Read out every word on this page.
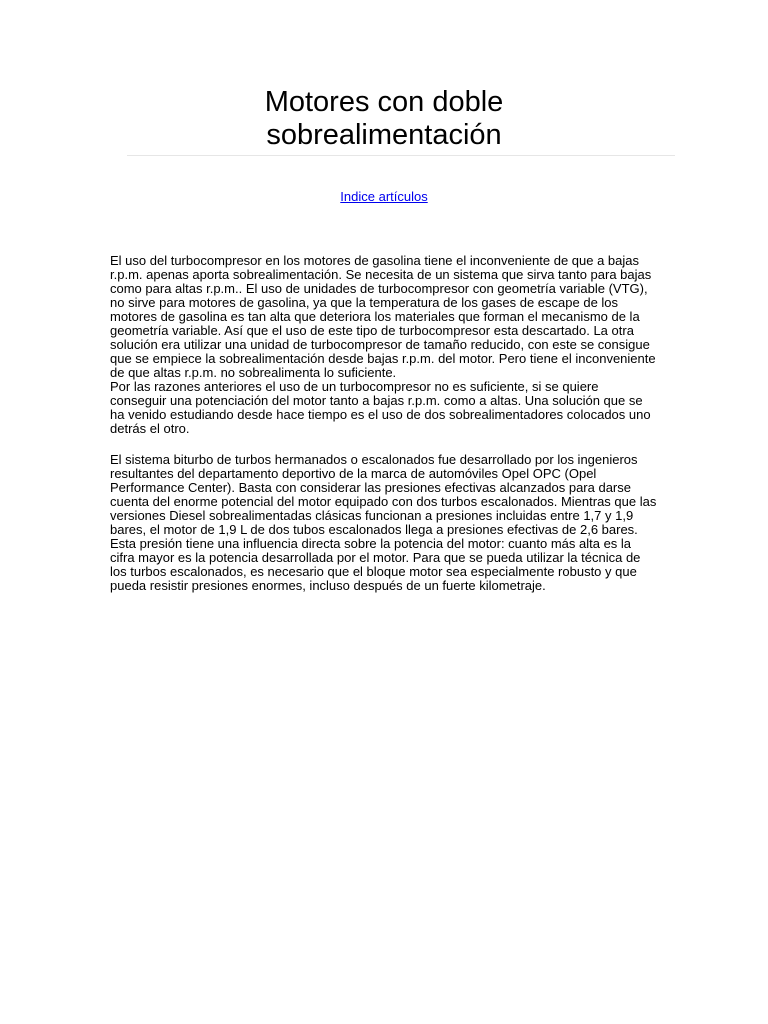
Motores con doble
sobrealimentación
Indice artículos

El uso del turbocompresor en los motores de gasolina tiene el inconveniente de que a bajas r.p.m. apenas aporta sobrealimentación. Se necesita de un sistema que sirva tanto para bajas como para altas r.p.m.. El uso de unidades de turbocompresor con geometría variable (VTG), no sirve para motores de gasolina, ya que la temperatura de los gases de escape de los motores de gasolina es tan alta que deteriora los materiales que forman el mecanismo de la geometría variable. Así que el uso de este tipo de turbocompresor esta descartado. La otra solución era utilizar una unidad de turbocompresor de tamaño reducido, con este se consigue que se empiece la sobrealimentación desde bajas r.p.m. del motor. Pero tiene el inconveniente de que altas r.p.m. no sobrealimenta lo suficiente.

Por las razones anteriores el uso de un turbocompresor no es suficiente, si se quiere conseguir una potenciación del motor tanto a bajas r.p.m. como a altas. Una solución que se ha venido estudiando desde hace tiempo es el uso de dos sobrealimentadores colocados uno detrás el otro.

El sistema biturbo de turbos hermanados o escalonados fue desarrollado por los ingenieros resultantes del departamento deportivo de la marca de automóviles Opel OPC (Opel Performance Center). Basta con considerar las presiones efectivas alcanzados para darse cuenta del enorme potencial del motor equipado con dos turbos escalonados. Mientras que las versiones Diesel sobrealimentadas clásicas funcionan a presiones incluidas entre 1,7 y 1,9 bares, el motor de 1,9 L de dos tubos escalonados llega a presiones efectivas de 2,6 bares. Esta presión tiene una influencia directa sobre la potencia del motor: cuanto más alta es la cifra mayor es la potencia desarrollada por el motor. Para que se pueda utilizar la técnica de los turbos escalonados, es necesario que el bloque motor sea especialmente robusto y que pueda resistir presiones enormes, incluso después de un fuerte kilometraje.
